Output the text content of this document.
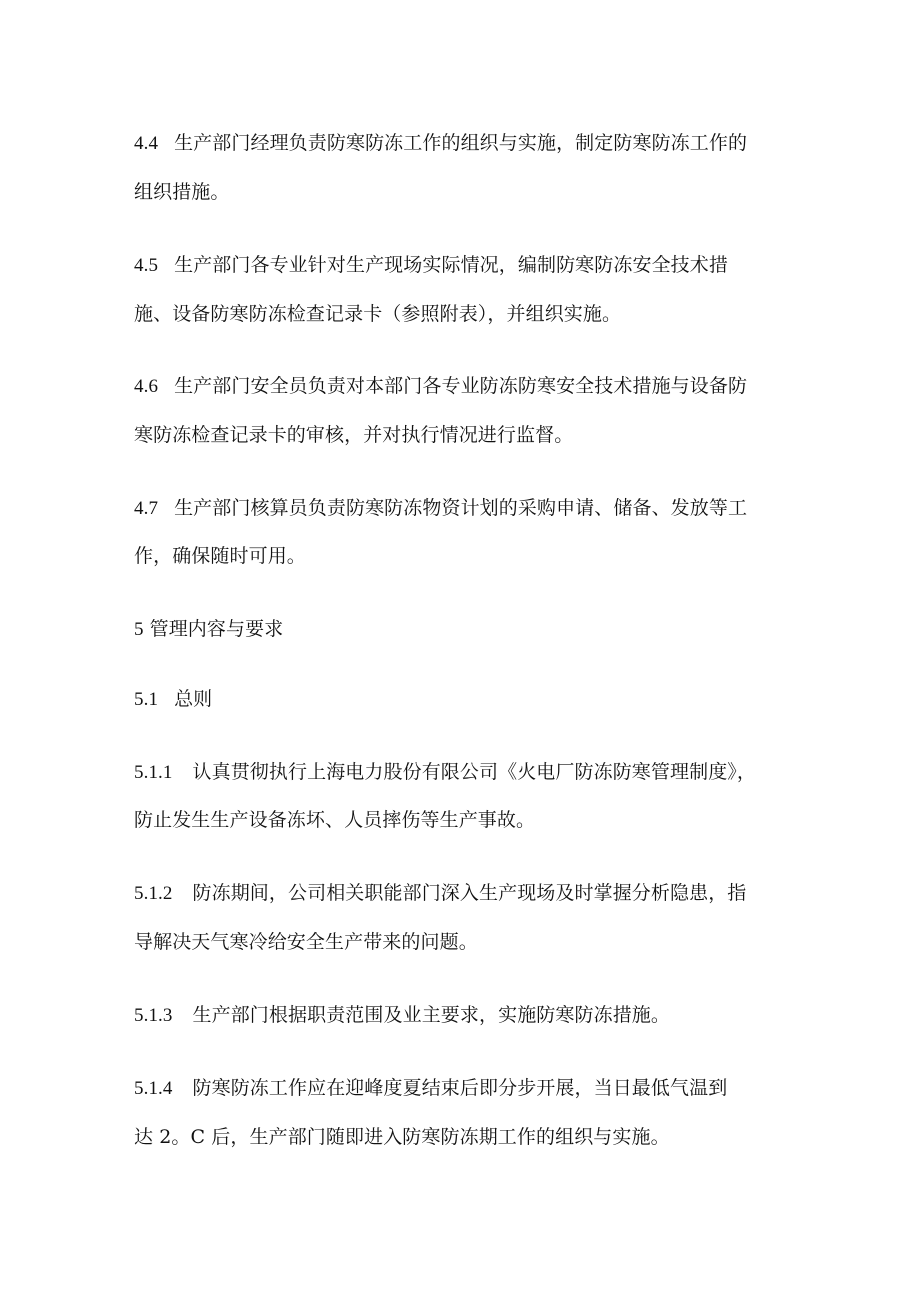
4.4 生产部门经理负责防寒防冻工作的组织与实施，制定防寒防冻工作的
组织措施。
4.5 生产部门各专业针对生产现场实际情况，编制防寒防冻安全技术措
施、设备防寒防冻检查记录卡（参照附表），并组织实施。
4.6 生产部门安全员负责对本部门各专业防冻防寒安全技术措施与设备防
寒防冻检查记录卡的审核，并对执行情况进行监督。
4.7 生产部门核算员负责防寒防冻物资计划的采购申请、储备、发放等工
作，确保随时可用。
5 管理内容与要求
5.1 总则
5.1.1 认真贯彻执行上海电力股份有限公司《火电厂防冻防寒管理制度》，
防止发生生产设备冻坏、人员摔伤等生产事故。
5.1.2 防冻期间，公司相关职能部门深入生产现场及时掌握分析隐患，指
导解决天气寒冷给安全生产带来的问题。
5.1.3 生产部门根据职责范围及业主要求，实施防寒防冻措施。
5.1.4 防寒防冻工作应在迎峰度夏结束后即分步开展，当日最低气温到
达 2。C 后，生产部门随即进入防寒防冻期工作的组织与实施。
